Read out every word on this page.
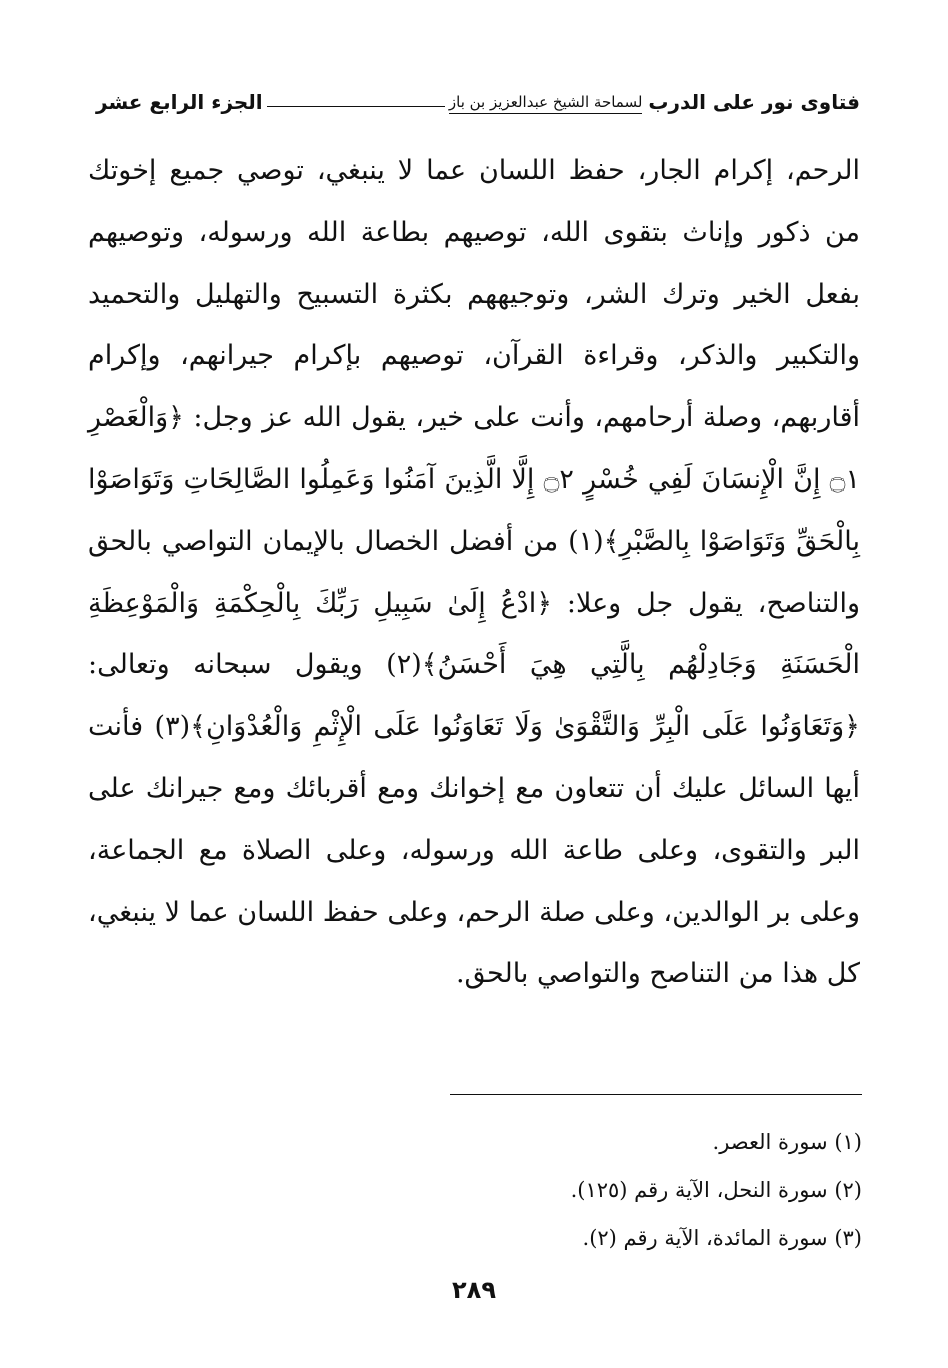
فتاوى نور على الدرب
لسماحة الشيخ عبدالعزيز بن باز
الجزء الرابع عشر

الرحم، إكرام الجار، حفظ اللسان عما لا ينبغي، توصي جميع إخوتك من ذكور وإناث بتقوى الله، توصيهم بطاعة الله ورسوله، وتوصيهم بفعل الخير وترك الشر، وتوجيههم بكثرة التسبيح والتهليل والتحميد والتكبير والذكر، وقراءة القرآن، توصيهم بإكرام جيرانهم، وإكرام أقاربهم، وصلة أرحامهم، وأنت على خير، يقول الله عز وجل: ﴿وَالْعَصْرِ ۝١ إِنَّ الْإِنسَانَ لَفِي خُسْرٍ ۝٢ إِلَّا الَّذِينَ آمَنُوا وَعَمِلُوا الصَّالِحَاتِ وَتَوَاصَوْا بِالْحَقِّ وَتَوَاصَوْا بِالصَّبْرِ﴾(١) من أفضل الخصال بالإيمان التواصي بالحق والتناصح، يقول جل وعلا: ﴿ادْعُ إِلَىٰ سَبِيلِ رَبِّكَ بِالْحِكْمَةِ وَالْمَوْعِظَةِ الْحَسَنَةِ وَجَادِلْهُم بِالَّتِي هِيَ أَحْسَنُ﴾(٢) ويقول سبحانه وتعالى: ﴿وَتَعَاوَنُوا عَلَى الْبِرِّ وَالتَّقْوَىٰ وَلَا تَعَاوَنُوا عَلَى الْإِثْمِ وَالْعُدْوَانِ﴾(٣) فأنت أيها السائل عليك أن تتعاون مع إخوانك ومع أقربائك ومع جيرانك على البر والتقوى، وعلى طاعة الله ورسوله، وعلى الصلاة مع الجماعة، وعلى بر الوالدين، وعلى صلة الرحم، وعلى حفظ اللسان عما لا ينبغي، كل هذا من التناصح والتواصي بالحق.

(١) سورة العصر.
(٢) سورة النحل، الآية رقم (١٢٥).
(٣) سورة المائدة، الآية رقم (٢).
٢٨٩
